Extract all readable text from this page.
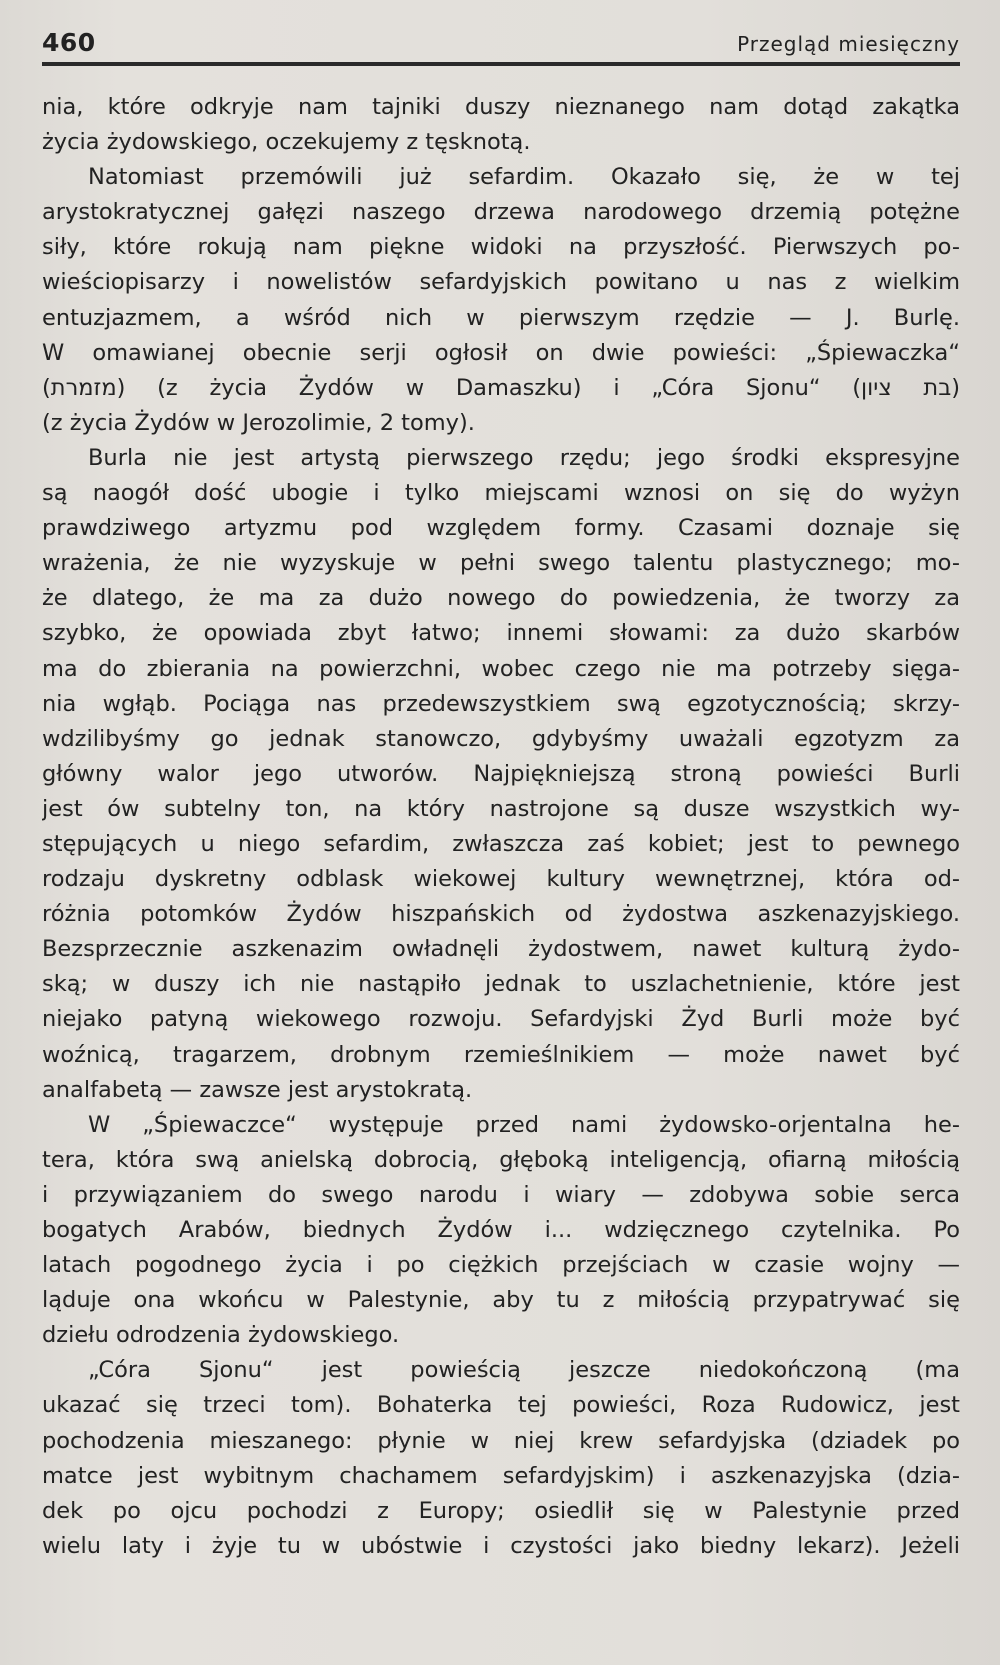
460	Przegląd miesięczny
nia, które odkryje nam tajniki duszy nieznanego nam dotąd zakątka
życia żydowskiego, oczekujemy z tęsknotą.
Natomiast przemówili już sefardim. Okazało się, że w tej
arystokratycznej gałęzi naszego drzewa narodowego drzemią potężne
siły, które rokują nam piękne widoki na przyszłość. Pierwszych po-
wieściopisarzy i nowelistów sefardyjskich powitano u nas z wielkim
entuzjazmem, a wśród nich w pierwszym rzędzie — J. Burlę.
W omawianej obecnie serji ogłosił on dwie powieści: „Śpiewaczka“
(מזמרת) (z życia Żydów w Damaszku) i „Córa Sjonu“ (בת ציון)
(z życia Żydów w Jerozolimie, 2 tomy).
Burla nie jest artystą pierwszego rzędu; jego środki ekspresyjne
są naogół dość ubogie i tylko miejscami wznosi on się do wyżyn
prawdziwego artyzmu pod względem formy. Czasami doznaje się
wrażenia, że nie wyzyskuje w pełni swego talentu plastycznego; mo-
że dlatego, że ma za dużo nowego do powiedzenia, że tworzy za
szybko, że opowiada zbyt łatwo; innemi słowami: za dużo skarbów
ma do zbierania na powierzchni, wobec czego nie ma potrzeby sięga-
nia wgłąb. Pociąga nas przedewszystkiem swą egzotycznością; skrzy-
wdzilibyśmy go jednak stanowczo, gdybyśmy uważali egzotyzm za
główny walor jego utworów. Najpiękniejszą stroną powieści Burli
jest ów subtelny ton, na który nastrojone są dusze wszystkich wy-
stępujących u niego sefardim, zwłaszcza zaś kobiet; jest to pewnego
rodzaju dyskretny odblask wiekowej kultury wewnętrznej, która od-
różnia potomków Żydów hiszpańskich od żydostwa aszkenazyjskiego.
Bezsprzecznie aszkenazim owładnęli żydostwem, nawet kulturą żydo-
ską; w duszy ich nie nastąpiło jednak to uszlachetnienie, które jest
niejako patyną wiekowego rozwoju. Sefardyjski Żyd Burli może być
woźnicą, tragarzem, drobnym rzemieślnikiem — może nawet być
analfabetą — zawsze jest arystokratą.
W „Śpiewaczce“ występuje przed nami żydowsko-orjentalna he-
tera, która swą anielską dobrocią, głęboką inteligencją, ofiarną miłością
i przywiązaniem do swego narodu i wiary — zdobywa sobie serca
bogatych Arabów, biednych Żydów i... wdzięcznego czytelnika. Po
latach pogodnego życia i po ciężkich przejściach w czasie wojny —
ląduje ona wkońcu w Palestynie, aby tu z miłością przypatrywać się
dziełu odrodzenia żydowskiego.
„Córa Sjonu“ jest powieścią jeszcze niedokończoną (ma
ukazać się trzeci tom). Bohaterka tej powieści, Roza Rudowicz, jest
pochodzenia mieszanego: płynie w niej krew sefardyjska (dziadek po
matce jest wybitnym chachamem sefardyjskim) i aszkenazyjska (dzia-
dek po ojcu pochodzi z Europy; osiedlił się w Palestynie przed
wielu laty i żyje tu w ubóstwie i czystości jako biedny lekarz). Jeżeli
